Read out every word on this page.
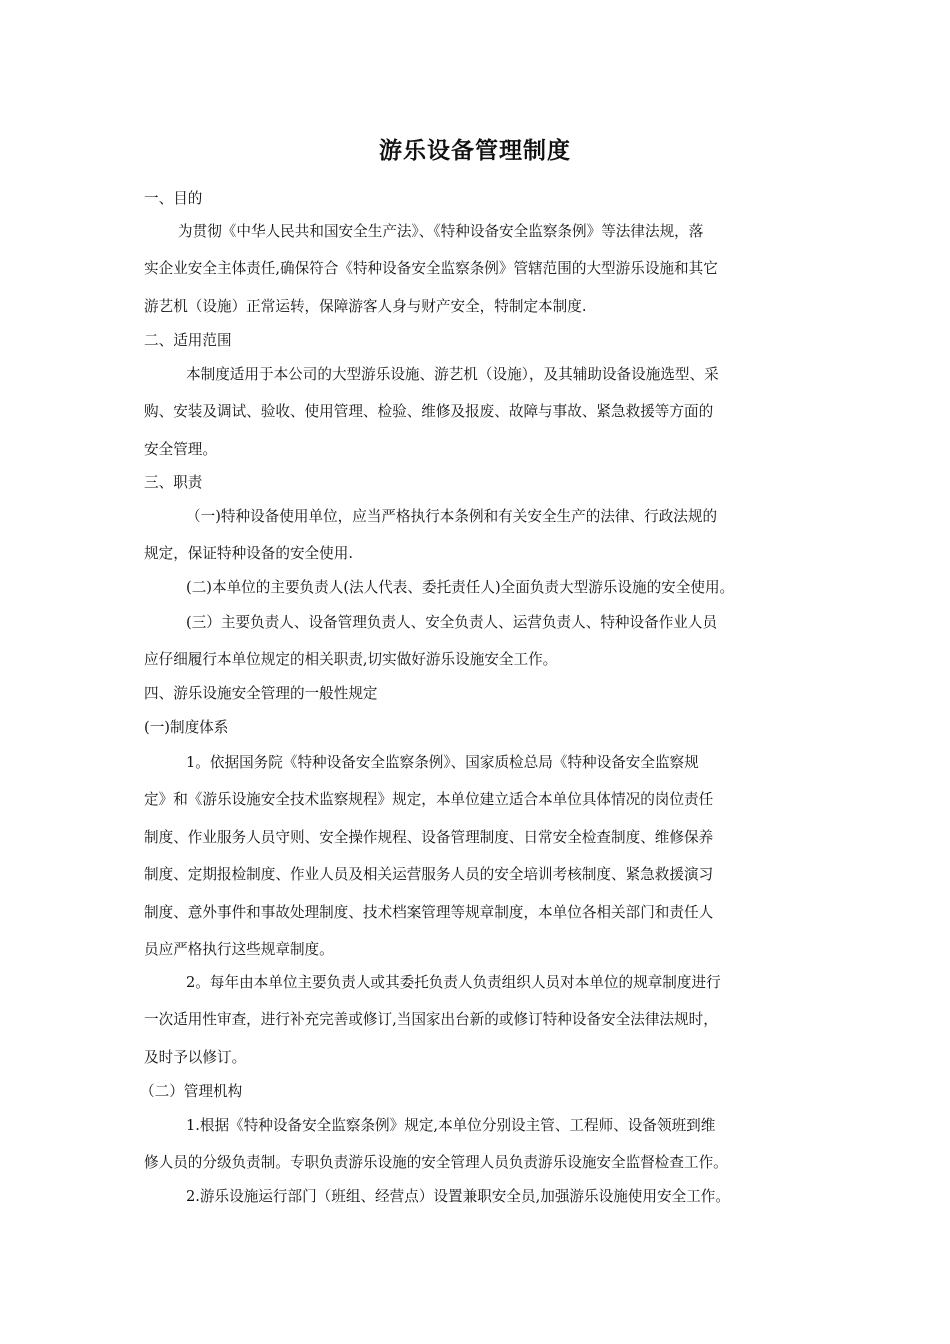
游乐设备管理制度
一、目的
为贯彻《中华人民共和国安全生产法》、《特种设备安全监察条例》等法律法规，落
实企业安全主体责任,确保符合《特种设备安全监察条例》管辖范围的大型游乐设施和其它
游艺机（设施）正常运转，保障游客人身与财产安全，特制定本制度.
二、适用范围
本制度适用于本公司的大型游乐设施、游艺机（设施），及其辅助设备设施选型、采
购、安装及调试、验收、使用管理、检验、维修及报废、故障与事故、紧急救援等方面的
安全管理。
三、职责
（一)特种设备使用单位，应当严格执行本条例和有关安全生产的法律、行政法规的
规定，保证特种设备的安全使用.
(二)本单位的主要负责人(法人代表、委托责任人)全面负责大型游乐设施的安全使用。
(三）主要负责人、设备管理负责人、安全负责人、运营负责人、特种设备作业人员
应仔细履行本单位规定的相关职责,切实做好游乐设施安全工作。
四、游乐设施安全管理的一般性规定
(一)制度体系
1。依据国务院《特种设备安全监察条例》、国家质检总局《特种设备安全监察规
定》和《游乐设施安全技术监察规程》规定，本单位建立适合本单位具体情况的岗位责任
制度、作业服务人员守则、安全操作规程、设备管理制度、日常安全检查制度、维修保养
制度、定期报检制度、作业人员及相关运营服务人员的安全培训考核制度、紧急救援演习
制度、意外事件和事故处理制度、技术档案管理等规章制度，本单位各相关部门和责任人
员应严格执行这些规章制度。
2。每年由本单位主要负责人或其委托负责人负责组织人员对本单位的规章制度进行
一次适用性审查，进行补充完善或修订,当国家出台新的或修订特种设备安全法律法规时，
及时予以修订。
（二）管理机构
1.根据《特种设备安全监察条例》规定,本单位分别设主管、工程师、设备领班到维
修人员的分级负责制。专职负责游乐设施的安全管理人员负责游乐设施安全监督检查工作。
2.游乐设施运行部门（班组、经营点）设置兼职安全员,加强游乐设施使用安全工作。
